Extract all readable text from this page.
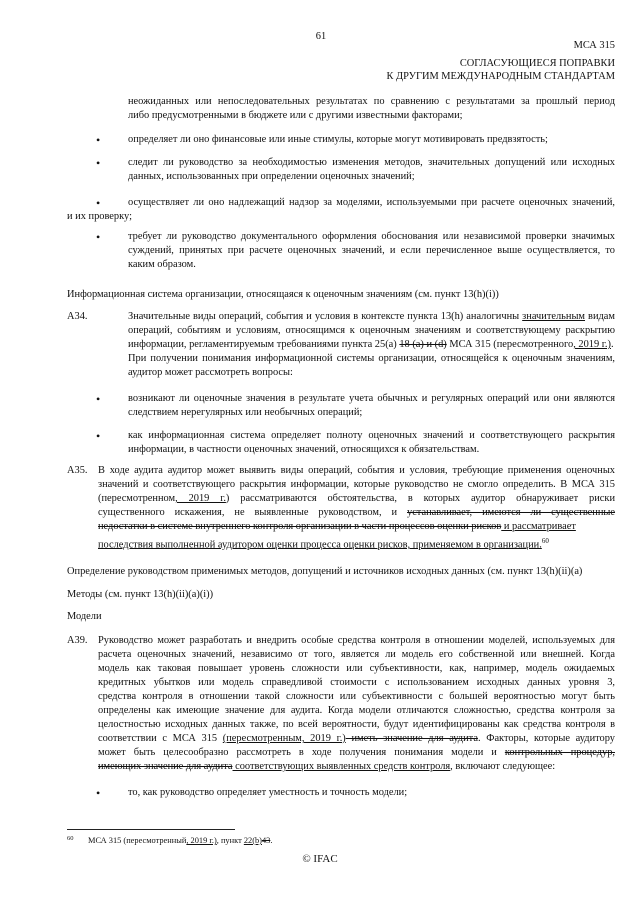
61
МСА 315
СОГЛАСУЮЩИЕСЯ ПОПРАВКИ
К ДРУГИМ МЕЖДУНАРОДНЫМ СТАНДАРТАМ
неожиданных или непоследовательных результатах по сравнению с результатами за прошлый период
либо предусмотренными в бюджете или с другими известными факторами;
•	определяет ли оно финансовые или иные стимулы, которые могут мотивировать предвзятость;
•	следит ли руководство за необходимостью изменения методов, значительных допущений или исходных
данных, использованных при определении оценочных значений;
•	осуществляет ли оно надлежащий надзор за моделями, используемыми при расчете оценочных значений,
и их проверку;
•	требует ли руководство документального оформления обоснования или независимой проверки значимых
суждений, принятых при расчете оценочных значений, и если перечисленное выше осуществляется, то
каким образом.
Информационная система организации, относящаяся к оценочным значениям (см. пункт 13(h)(i))
A34.	Значительные виды операций, события и условия в контексте пункта 13(h) аналогичны значительным видам
операций, событиям и условиям, относящимся к оценочным значениям и соответствующему раскрытию
информации, регламентируемым требованиями пункта 25(a) 18 (a) и (d) МСА 315 (пересмотренного, 2019 г.).
При получении понимания информационной системы организации, относящейся к оценочным значениям,
аудитор может рассмотреть вопросы:
•	возникают ли оценочные значения в результате учета обычных и регулярных операций или они являются
следствием нерегулярных или необычных операций;
•	как информационная система определяет полноту оценочных значений и соответствующего раскрытия
информации, в частности оценочных значений, относящихся к обязательствам.
A35. В ходе аудита аудитор может выявить виды операций, события и условия, требующие применения оценочных
значений и соответствующего раскрытия информации, которые руководство не смогло определить. В МСА 315
(пересмотренном, 2019 г.) рассматриваются обстоятельства, в которых аудитор обнаруживает риски
существенного искажения, не выявленные руководством, и устанавливает, имеются ли существенные
недостатки в системе внутреннего контроля организации в части процессов оценки рисков и рассматривает
последствия выполненной аудитором оценки процесса оценки рисков, применяемом в организации.$^{60}$
Определение руководством применимых методов, допущений и источников исходных данных (см. пункт 13(h)(ii)(a)
Методы (см. пункт 13(h)(ii)(a)(i))
Модели
A39. Руководство может разработать и внедрить особые средства контроля в отношении моделей, используемых для
расчета оценочных значений, независимо от того, является ли модель его собственной или внешней. Когда
модель как таковая повышает уровень сложности или субъективности, как, например, модель ожидаемых
кредитных убытков или модель справедливой стоимости с использованием исходных данных уровня 3,
средства контроля в отношении такой сложности или субъективности с большей вероятностью могут быть
определены как имеющие значение для аудита. Когда модели отличаются сложностью, средства контроля за
целостностью исходных данных также, по всей вероятности, будут идентифицированы как средства контроля в
соответствии с МСА 315 (пересмотренным, 2019 г.) иметь значение для аудита. Факторы, которые аудитору
может быть целесообразно рассмотреть в ходе получения понимания модели и контрольных процедур,
имеющих значение для аудита соответствующих выявленных средств контроля, включают следующее:
•	то, как руководство определяет уместность и точность модели;
60 МСА 315 (пересмотренный, 2019 г.), пункт 22(b)43.
© IFAC
